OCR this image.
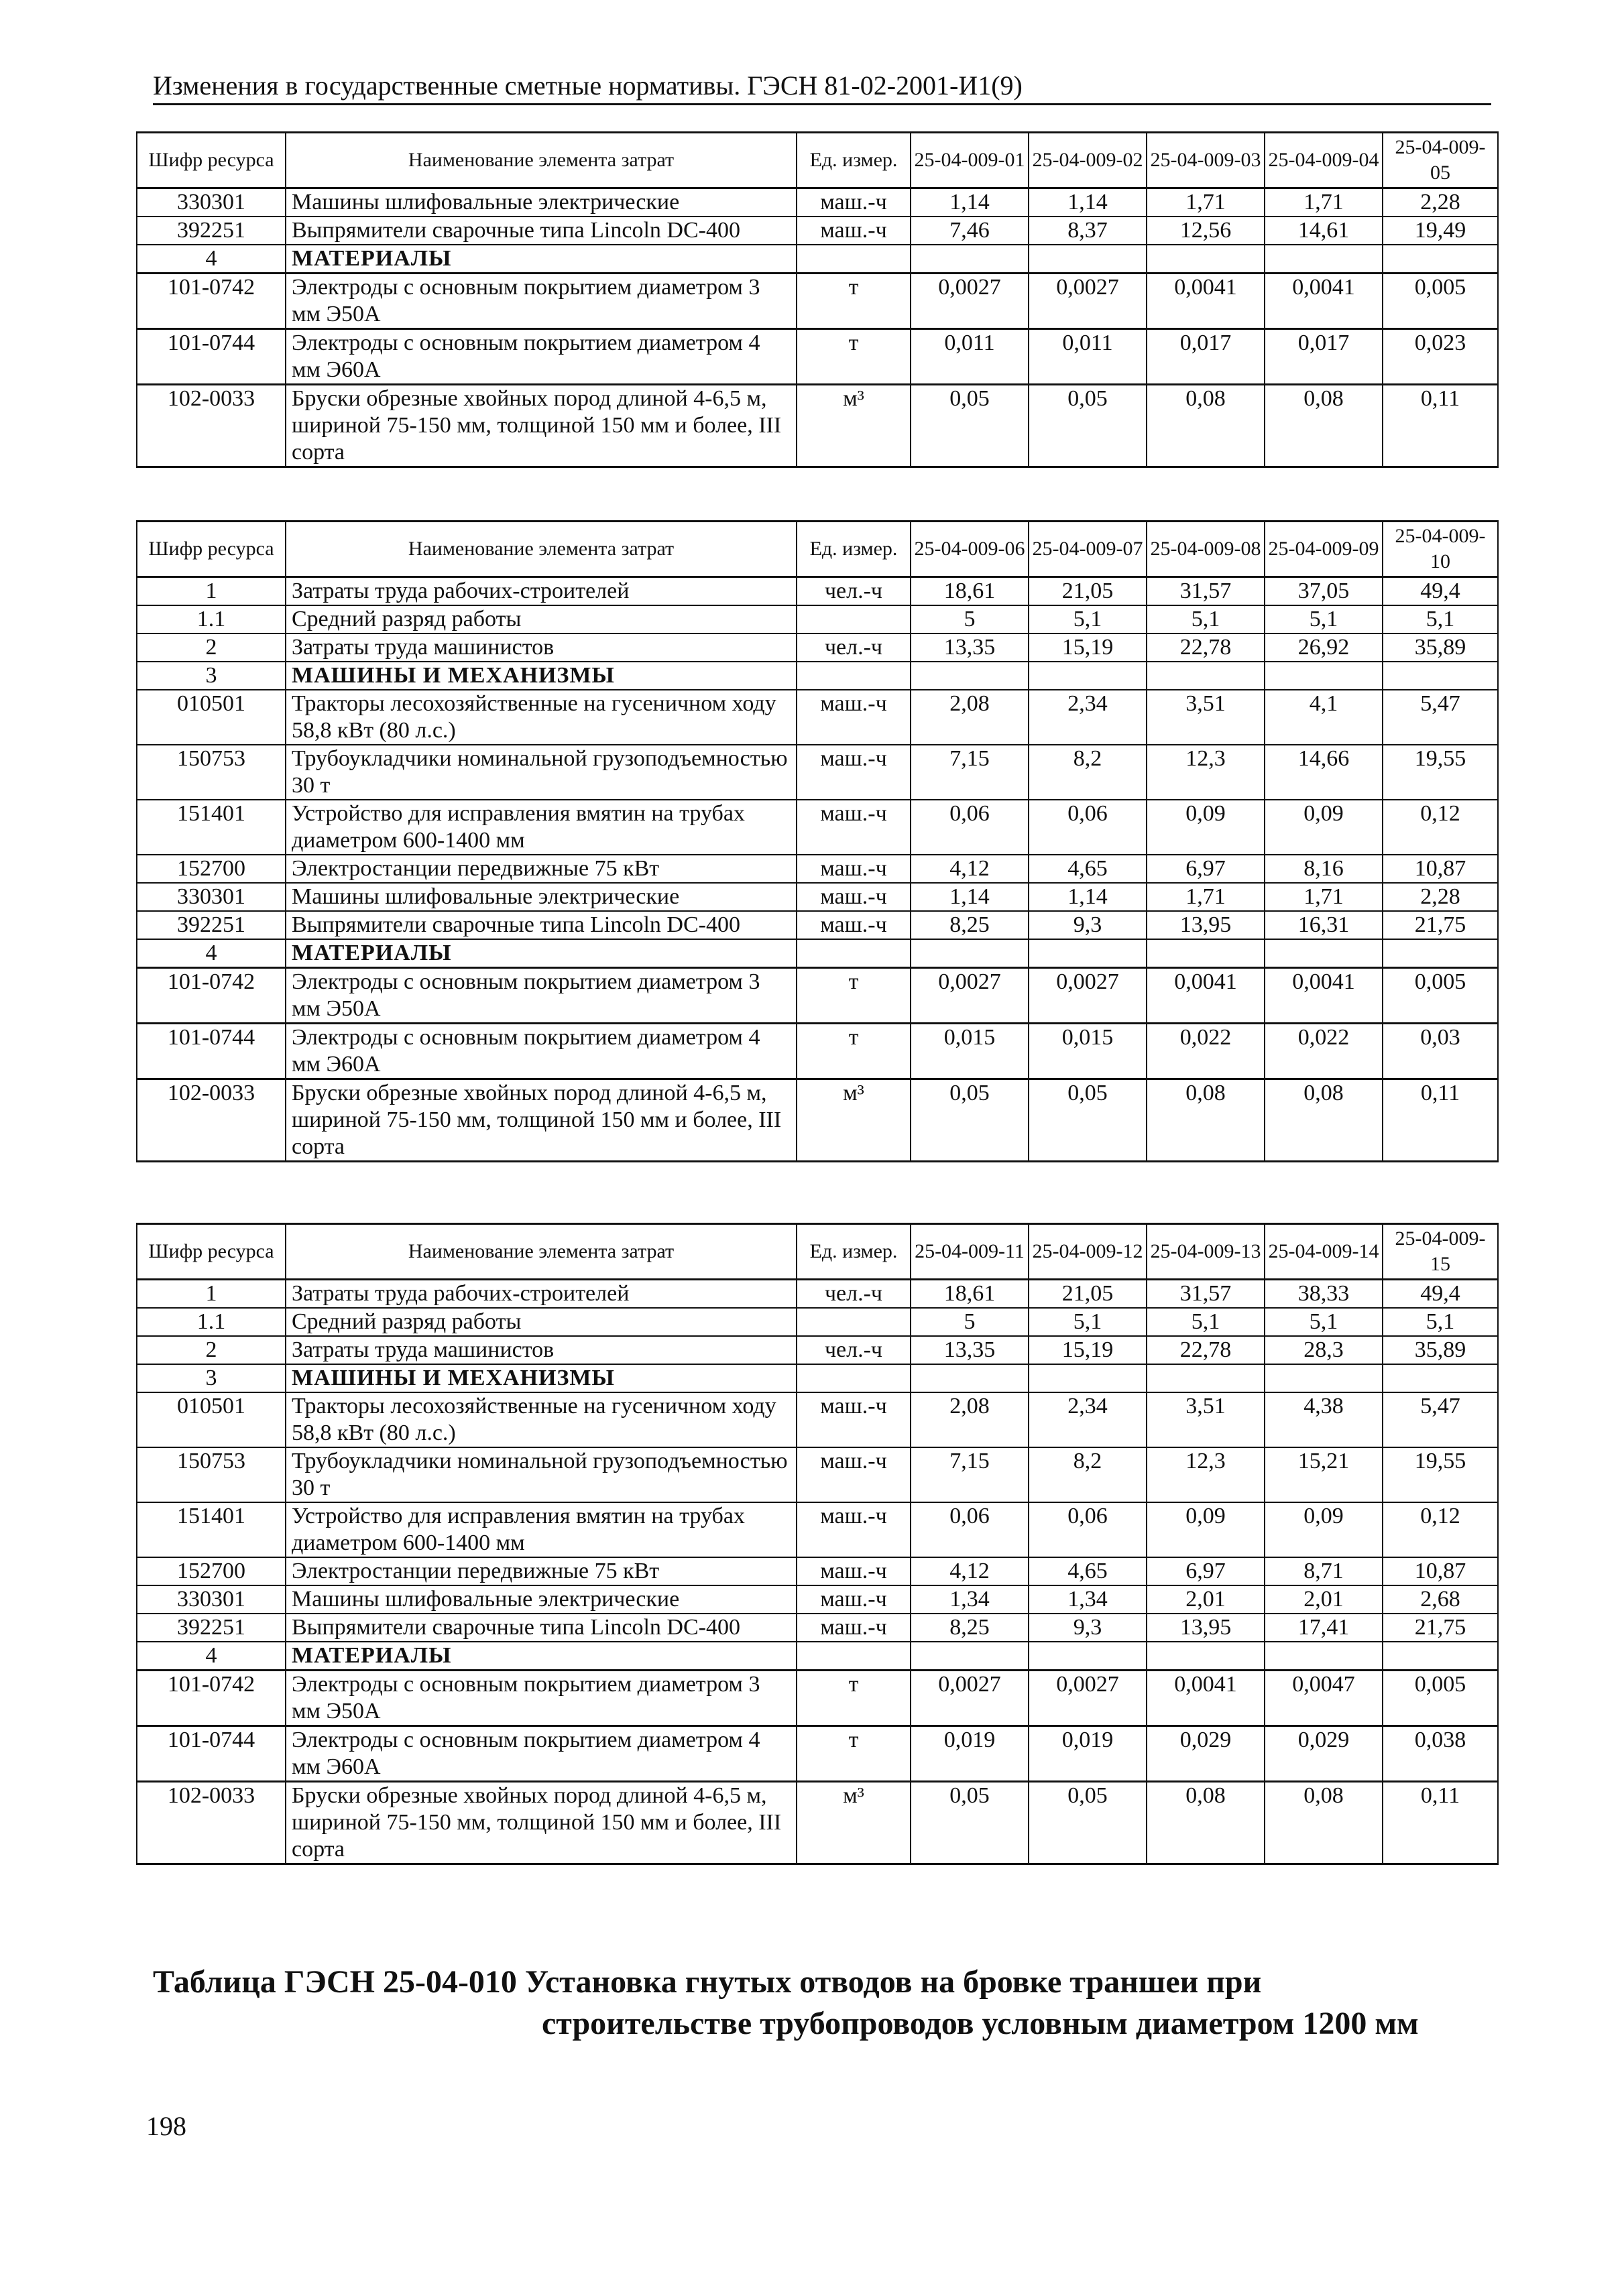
Изменения в государственные сметные нормативы. ГЭСН 81-02-2001-И1(9)
Шифр ресурса	Наименование элемента затрат	Ед. измер.	25-04-009-01	25-04-009-02	25-04-009-03	25-04-009-04	25-04-009-05
330301	Машины шлифовальные электрические	маш.-ч	1,14	1,14	1,71	1,71	2,28
392251	Выпрямители сварочные типа Lincoln DC-400	маш.-ч	7,46	8,37	12,56	14,61	19,49
4	МАТЕРИАЛЫ						
101-0742	Электроды с основным покрытием диаметром 3 мм Э50А	т	0,0027	0,0027	0,0041	0,0041	0,005
101-0744	Электроды с основным покрытием диаметром 4 мм Э60А	т	0,011	0,011	0,017	0,017	0,023
102-0033	Бруски обрезные хвойных пород длиной 4-6,5 м, шириной 75-150 мм, толщиной 150 мм и более, III сорта	м³	0,05	0,05	0,08	0,08	0,11
Шифр ресурса	Наименование элемента затрат	Ед. измер.	25-04-009-06	25-04-009-07	25-04-009-08	25-04-009-09	25-04-009-10
1	Затраты труда рабочих-строителей	чел.-ч	18,61	21,05	31,57	37,05	49,4
1.1	Средний разряд работы		5	5,1	5,1	5,1	5,1
2	Затраты труда машинистов	чел.-ч	13,35	15,19	22,78	26,92	35,89
3	МАШИНЫ И МЕХАНИЗМЫ						
010501	Тракторы лесохозяйственные на гусеничном ходу 58,8 кВт (80 л.с.)	маш.-ч	2,08	2,34	3,51	4,1	5,47
150753	Трубоукладчики номинальной грузоподъемностью 30 т	маш.-ч	7,15	8,2	12,3	14,66	19,55
151401	Устройство для исправления вмятин на трубах диаметром 600-1400 мм	маш.-ч	0,06	0,06	0,09	0,09	0,12
152700	Электростанции передвижные 75 кВт	маш.-ч	4,12	4,65	6,97	8,16	10,87
330301	Машины шлифовальные электрические	маш.-ч	1,14	1,14	1,71	1,71	2,28
392251	Выпрямители сварочные типа Lincoln DC-400	маш.-ч	8,25	9,3	13,95	16,31	21,75
4	МАТЕРИАЛЫ						
101-0742	Электроды с основным покрытием диаметром 3 мм Э50А	т	0,0027	0,0027	0,0041	0,0041	0,005
101-0744	Электроды с основным покрытием диаметром 4 мм Э60А	т	0,015	0,015	0,022	0,022	0,03
102-0033	Бруски обрезные хвойных пород длиной 4-6,5 м, шириной 75-150 мм, толщиной 150 мм и более, III сорта	м³	0,05	0,05	0,08	0,08	0,11
Шифр ресурса	Наименование элемента затрат	Ед. измер.	25-04-009-11	25-04-009-12	25-04-009-13	25-04-009-14	25-04-009-15
1	Затраты труда рабочих-строителей	чел.-ч	18,61	21,05	31,57	38,33	49,4
1.1	Средний разряд работы		5	5,1	5,1	5,1	5,1
2	Затраты труда машинистов	чел.-ч	13,35	15,19	22,78	28,3	35,89
3	МАШИНЫ И МЕХАНИЗМЫ						
010501	Тракторы лесохозяйственные на гусеничном ходу 58,8 кВт (80 л.с.)	маш.-ч	2,08	2,34	3,51	4,38	5,47
150753	Трубоукладчики номинальной грузоподъемностью 30 т	маш.-ч	7,15	8,2	12,3	15,21	19,55
151401	Устройство для исправления вмятин на трубах диаметром 600-1400 мм	маш.-ч	0,06	0,06	0,09	0,09	0,12
152700	Электростанции передвижные 75 кВт	маш.-ч	4,12	4,65	6,97	8,71	10,87
330301	Машины шлифовальные электрические	маш.-ч	1,34	1,34	2,01	2,01	2,68
392251	Выпрямители сварочные типа Lincoln DC-400	маш.-ч	8,25	9,3	13,95	17,41	21,75
4	МАТЕРИАЛЫ						
101-0742	Электроды с основным покрытием диаметром 3 мм Э50А	т	0,0027	0,0027	0,0041	0,0047	0,005
101-0744	Электроды с основным покрытием диаметром 4 мм Э60А	т	0,019	0,019	0,029	0,029	0,038
102-0033	Бруски обрезные хвойных пород длиной 4-6,5 м, шириной 75-150 мм, толщиной 150 мм и более, III сорта	м³	0,05	0,05	0,08	0,08	0,11
Таблица ГЭСН 25-04-010 Установка гнутых отводов на бровке траншеи при
строительстве трубопроводов условным диаметром 1200 мм
198
